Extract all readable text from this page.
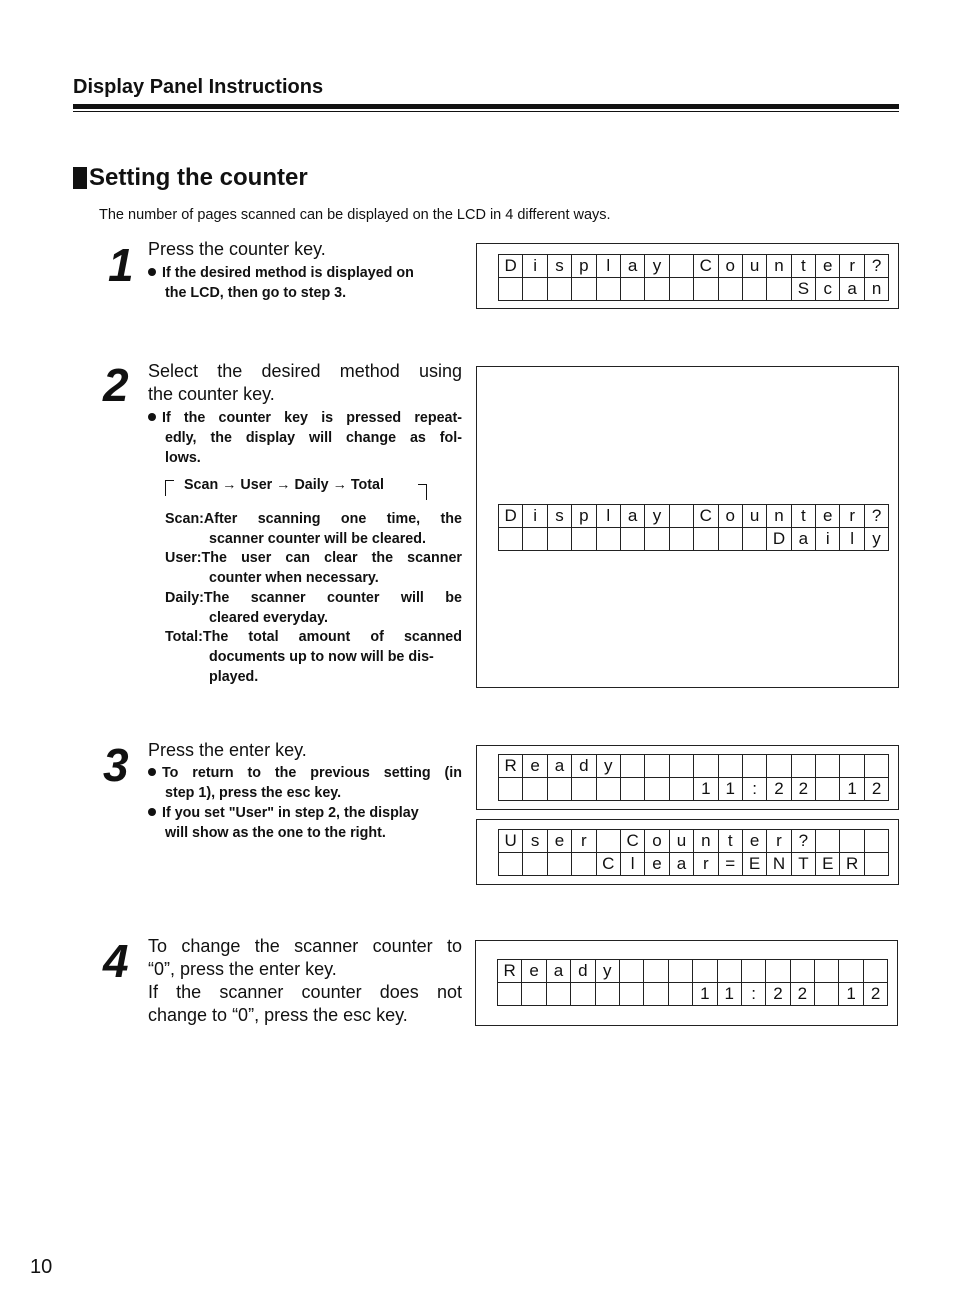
Display Panel Instructions
Setting the counter
The number of pages scanned can be displayed on the LCD in 4 different ways.
1 Press the counter key.
If the desired method is displayed on
the LCD, then go to step 3.
D	i	s	p	l	a	y		C	o	u	n	t	e	r	?
												S	c	a	n
2 Select the desired method using
the counter key.
If the counter key is pressed repeat-
edly, the display will change as fol-
lows.
Scan → User → Daily → Total
Scan:After scanning one time, the
scanner counter will be cleared.
User:The user can clear the scanner
counter when necessary.
Daily:The scanner counter will be
cleared everyday.
Total:The total amount of scanned
documents up to now will be dis-
played.
D	i	s	p	l	a	y		C	o	u	n	t	e	r	?
											D	a	i	l	y
3 Press the enter key.
To return to the previous setting (in
step 1), press the esc key.
If you set "User" in step 2, the display
will show as the one to the right.
R	e	a	d	y											
								1	1	:	2	2		1	2
U	s	e	r		C	o	u	n	t	e	r	?			
				C	l	e	a	r	=	E	N	T	E	R	
4 To change the scanner counter to
“0”, press the enter key.
If the scanner counter does not
change to “0”, press the esc key.
R	e	a	d	y											
								1	1	:	2	2		1	2
10
